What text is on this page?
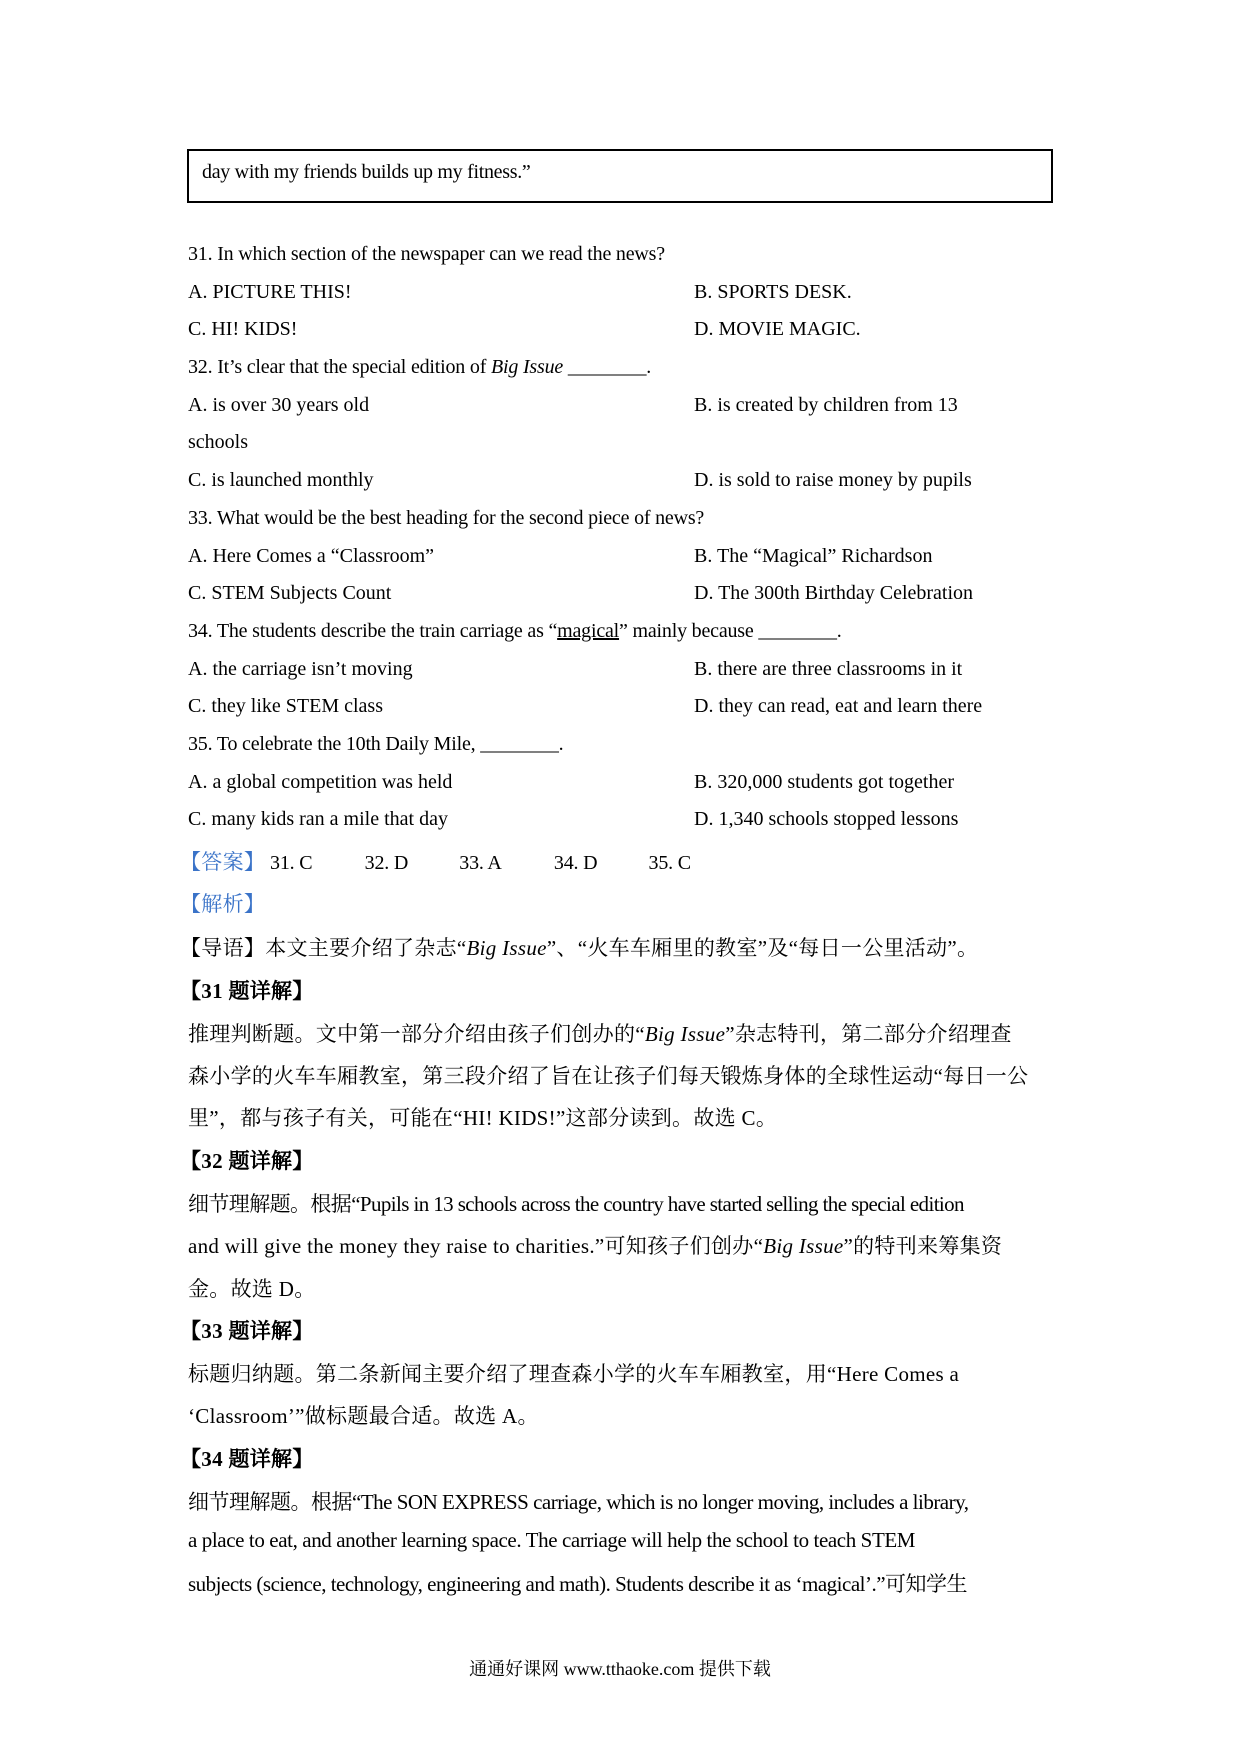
day with my friends builds up my fitness.”
31. In which section of the newspaper can we read the news?
A. PICTURE THIS!	B. SPORTS DESK.
C. HI! KIDS!	D. MOVIE MAGIC.
32. It’s clear that the special edition of Big Issue ________.
A. is over 30 years old	B. is created by children from 13
schools
C. is launched monthly	D. is sold to raise money by pupils
33. What would be the best heading for the second piece of news?
A. Here Comes a “Classroom”	B. The “Magical” Richardson
C. STEM Subjects Count	D. The 300th Birthday Celebration
34. The students describe the train carriage as “magical” mainly because ________.
A. the carriage isn’t moving	B. there are three classrooms in it
C. they like STEM class	D. they can read, eat and learn there
35. To celebrate the 10th Daily Mile, ________.
A. a global competition was held	B. 320,000 students got together
C. many kids ran a mile that day	D. 1,340 schools stopped lessons
【答案】 31. C	32. D	33. A	34. D	35. C
【解析】
【导语】本文主要介绍了杂志“Big Issue”、“火车车厢里的教室”及“每日一公里活动”。
【31 题详解】
推理判断题。文中第一部分介绍由孩子们创办的“Big Issue”杂志特刊，第二部分介绍理查
森小学的火车车厢教室，第三段介绍了旨在让孩子们每天锻炼身体的全球性运动“每日一公
里”，都与孩子有关，可能在“HI! KIDS!”这部分读到。故选 C。
【32 题详解】
细节理解题。根据“Pupils in 13 schools across the country have started selling the special edition
and will give the money they raise to charities.”可知孩子们创办“Big Issue”的特刊来筹集资
金。故选 D。
【33 题详解】
标题归纳题。第二条新闻主要介绍了理查森小学的火车车厢教室，用“Here Comes a
‘Classroom’”做标题最合适。故选 A。
【34 题详解】
细节理解题。根据“The SON EXPRESS carriage, which is no longer moving, includes a library,
a place to eat, and another learning space. The carriage will help the school to teach STEM
subjects (science, technology, engineering and math). Students describe it as ‘magical’.”可知学生
通通好课网 www.tthaoke.com 提供下载
